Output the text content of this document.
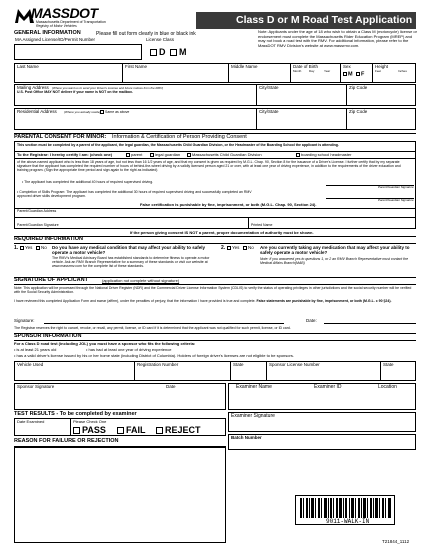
MASSDOT
Massachusetts Department of Transportation
Registry of Motor Vehicles	Class D or M Road Test Application
GENERAL INFORMATION	Please fill out form clearly in blue or black ink
MA Assigned License/ID/Permit Number	License Class
D	M
Note: Applicants under the age of 18 who wish to obtain a Class M (motorcycle) license or endorsement must complete the Massachusetts Rider Education Program (MREP) and may not book a road test with the RMV. For additional information, please refer to the MassDOT RMV Division's website at www.massrmv.com.
Last Name	First Name	Middle Name	Date of Birth
Month	Day	Year
Sex
M	F
Height
Feet	Inches
Mailing Address (Where you want us to send your Driver's License and future notices from the RMV)
U.S. Post Office MAY NOT deliver if your name is NOT on the mailbox.
City/State	Zip Code
Residential Address (Where you actually reside)	Same as above	City/State	Zip Code
PARENTAL CONSENT FOR MINOR: Information & Certification of Person Providing Consent
This section must be completed by a parent of the applicant, the legal guardian, the Massachusetts Child Guardian Division, or the Headmaster of the Boarding School the applicant is attending.
To the Registrar: I hereby certify I am: (check one)	parent	legal guardian	Massachusetts Child Guardian Division	boarding school headmaster
of the above-named applicant who is less than 18 years of age, but not less than 16 1/2 years of age, and that my consent is given as required by M.G.L. Chap. 90, Section 8 for the issuance of a Driver's License. I further certify that by my separate signature that the applicant has completed the required number of hours of behind-the-wheel driving by a validly licensed person aged 21 or over, with at least one year of driving experience, in addition to the requirements of the driver education and training program. (Sign the appropriate time period and sign again to the right as indicated)
• The applicant has completed the additional 40 hours of required supervised driving.
Parent/Guardian Signature
• Completion of Skills Program: The applicant has completed the additional 30 hours of required supervised driving and successfully completed an RMV approved driver skills development program.
Parent/Guardian Signature
False certification is punishable by fine, imprisonment, or both (M.G.L. Chap. 90, Section 24).
Parent/Guardian Address
Parent/Guardian Signature	Printed Name
If the person giving consent IS NOT a parent, proper documentation of authority must be shown.
REQUIRED INFORMATION
1.	Yes	No Do you have any medical condition that may affect your ability to safely operate a motor vehicle?
The RMV's Medical Advisory Board has established standards to determine fitness to operate a motor vehicle. Ask an RMV Branch Representative for a summary of these standards or visit our website at www.massrmv.com for the complete list of these standards.
2.	Yes	No Are you currently taking any medication that may affect your ability to safely operate a motor vehicle?
Note: If you answered yes to questions 1, or 2 an RMV Branch Representative must contact the Medical Affairs Branch(MAB)
SIGNATURE OF APPLICANT	(application not complete without signature)
Note: This application will be processed through the National Driver Register (NDR) and the Commercial Driver License Information System (CDLIS) to verify the status of operating privileges in other jurisdictions and the social security number will be verified with the Social Security Administration.
I have reviewed this completed Application Form and swear (affirm), under the penalties of perjury, that the information I have provided is true and complete. False statements are punishable by fine, imprisonment, or both (M.G.L. c 90 §24).
Signature:	Date:
The Registrar reserves the right to cancel, revoke, or recall, any permit, license, or ID card if it is determined that the applicant was not qualified for such permit, license, or ID card.
SPONSOR INFORMATION
For a Class D road test (including JOL) you must have a sponsor who fits the following criteria:
• is at least 21 years old	• has had at least one year of driving experience
• has a valid driver's license issued by his or her home state (including District of Columbia). Holders of foreign driver's licenses are not eligible to be sponsors.
Vehicle Used	Registration Number	State	Sponsor License Number	State
Sponsor Signature	Date	Examiner Name	Examiner ID	Location
TEST RESULTS - To be completed by examiner
Date Examined	Please Check One
PASS	FAIL	REJECT
Examiner Signature
REASON FOR FAILURE OR REJECTION
Batch Number
9011-WALK-IN
T21844_1112
